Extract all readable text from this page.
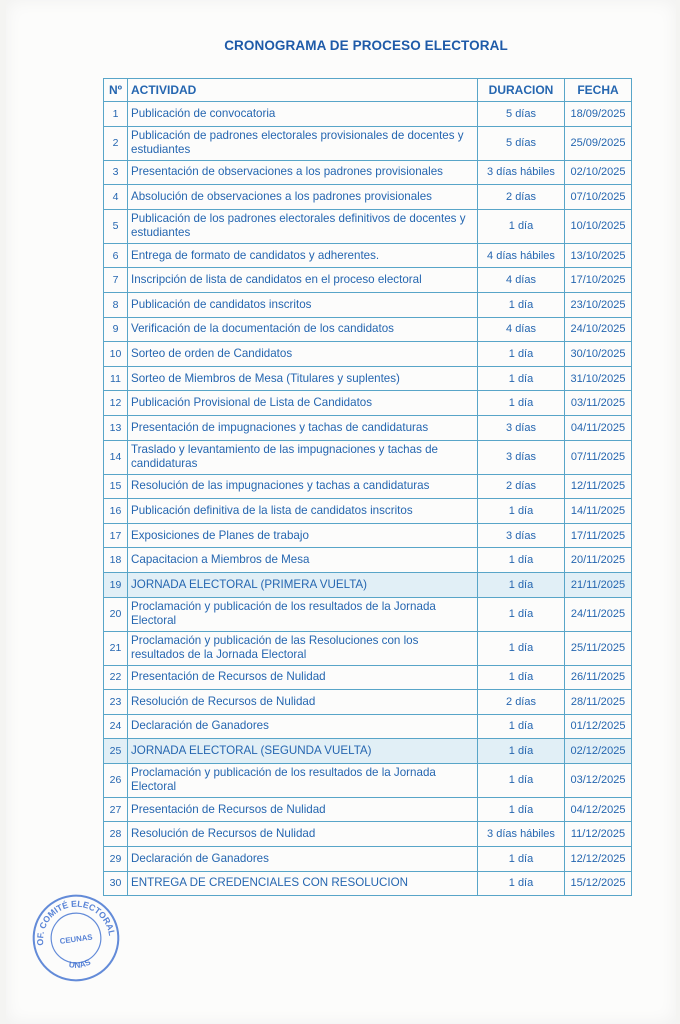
CRONOGRAMA DE PROCESO ELECTORAL
Nº	ACTIVIDAD	DURACION	FECHA
1	Publicación de convocatoria	5 días	18/09/2025
2	Publicación de padrones electorales provisionales de docentes y estudiantes	5 días	25/09/2025
3	Presentación de observaciones a los padrones provisionales	3 días hábiles	02/10/2025
4	Absolución de observaciones a los padrones provisionales	2 días	07/10/2025
5	Publicación de los padrones electorales definitivos de docentes y estudiantes	1 día	10/10/2025
6	Entrega de formato de candidatos y adherentes.	4 días hábiles	13/10/2025
7	Inscripción de lista de candidatos en el proceso electoral	4 días	17/10/2025
8	Publicación de candidatos inscritos	1 día	23/10/2025
9	Verificación de la documentación de los candidatos	4 días	24/10/2025
10	Sorteo de orden de Candidatos	1 día	30/10/2025
11	Sorteo de Miembros de Mesa (Titulares y suplentes)	1 día	31/10/2025
12	Publicación Provisional de Lista de Candidatos	1 día	03/11/2025
13	Presentación de impugnaciones y tachas de candidaturas	3 días	04/11/2025
14	Traslado y levantamiento de las impugnaciones y tachas de candidaturas	3 días	07/11/2025
15	Resolución de las impugnaciones y tachas a candidaturas	2 días	12/11/2025
16	Publicación definitiva de la lista de candidatos inscritos	1 día	14/11/2025
17	Exposiciones de Planes de trabajo	3 días	17/11/2025
18	Capacitacion a Miembros de Mesa	1 día	20/11/2025
19	JORNADA ELECTORAL (PRIMERA VUELTA)	1 día	21/11/2025
20	Proclamación y publicación de los resultados de la Jornada Electoral	1 día	24/11/2025
21	Proclamación y publicación de las Resoluciones con los resultados de la Jornada Electoral	1 día	25/11/2025
22	Presentación de Recursos de Nulidad	1 día	26/11/2025
23	Resolución de Recursos de Nulidad	2 días	28/11/2025
24	Declaración de Ganadores	1 día	01/12/2025
25	JORNADA ELECTORAL (SEGUNDA VUELTA)	1 día	02/12/2025
26	Proclamación y publicación de los resultados de la Jornada Electoral	1 día	03/12/2025
27	Presentación de Recursos de Nulidad	1 día	04/12/2025
28	Resolución de Recursos de Nulidad	3 días hábiles	11/12/2025
29	Declaración de Ganadores	1 día	12/12/2025
30	ENTREGA DE CREDENCIALES CON RESOLUCION	1 día	15/12/2025
OF. COMITÉ ELECTORAL
CEUNAS
UNAS
